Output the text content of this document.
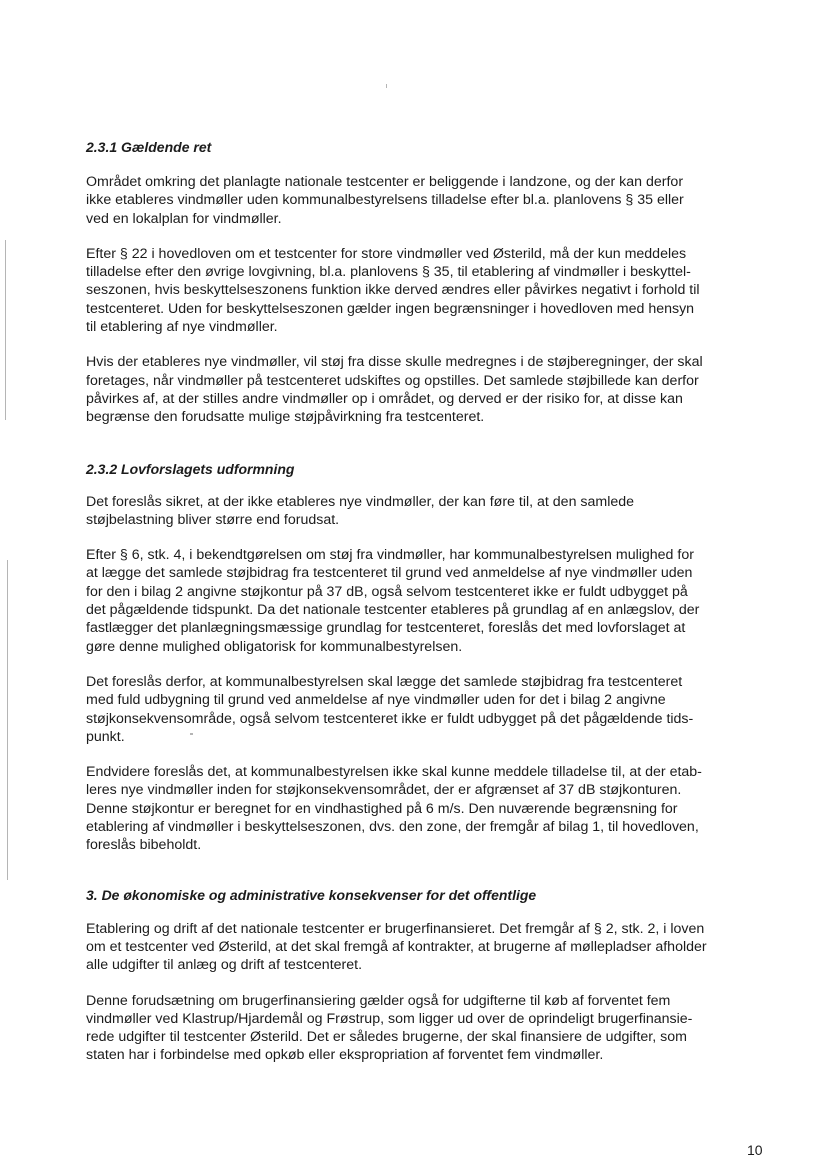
2.3.1 Gældende ret

Området omkring det planlagte nationale testcenter er beliggende i landzone, og der kan derfor
ikke etableres vindmøller uden kommunalbestyrelsens tilladelse efter bl.a. planlovens § 35 eller
ved en lokalplan for vindmøller.

Efter § 22 i hovedloven om et testcenter for store vindmøller ved Østerild, må der kun meddeles
tilladelse efter den øvrige lovgivning, bl.a. planlovens § 35, til etablering af vindmøller i beskyttel-
seszonen, hvis beskyttelseszonens funktion ikke derved ændres eller påvirkes negativt i forhold til
testcenteret. Uden for beskyttelseszonen gælder ingen begrænsninger i hovedloven med hensyn
til etablering af nye vindmøller.

Hvis der etableres nye vindmøller, vil støj fra disse skulle medregnes i de støjberegninger, der skal
foretages, når vindmøller på testcenteret udskiftes og opstilles. Det samlede støjbillede kan derfor
påvirkes af, at der stilles andre vindmøller op i området, og derved er der risiko for, at disse kan
begrænse den forudsatte mulige støjpåvirkning fra testcenteret.

2.3.2 Lovforslagets udformning

Det foreslås sikret, at der ikke etableres nye vindmøller, der kan føre til, at den samlede
støjbelastning bliver større end forudsat.

Efter § 6, stk. 4, i bekendtgørelsen om støj fra vindmøller, har kommunalbestyrelsen mulighed for
at lægge det samlede støjbidrag fra testcenteret til grund ved anmeldelse af nye vindmøller uden
for den i bilag 2 angivne støjkontur på 37 dB, også selvom testcenteret ikke er fuldt udbygget på
det pågældende tidspunkt. Da det nationale testcenter etableres på grundlag af en anlægslov, der
fastlægger det planlægningsmæssige grundlag for testcenteret, foreslås det med lovforslaget at
gøre denne mulighed obligatorisk for kommunalbestyrelsen.

Det foreslås derfor, at kommunalbestyrelsen skal lægge det samlede støjbidrag fra testcenteret
med fuld udbygning til grund ved anmeldelse af nye vindmøller uden for det i bilag 2 angivne
støjkonsekvensområde, også selvom testcenteret ikke er fuldt udbygget på det pågældende tids-
punkt.

Endvidere foreslås det, at kommunalbestyrelsen ikke skal kunne meddele tilladelse til, at der etab-
leres nye vindmøller inden for støjkonsekvensområdet, der er afgrænset af 37 dB støjkonturen.
Denne støjkontur er beregnet for en vindhastighed på 6 m/s. Den nuværende begrænsning for
etablering af vindmøller i beskyttelseszonen, dvs. den zone, der fremgår af bilag 1, til hovedloven,
foreslås bibeholdt.

3. De økonomiske og administrative konsekvenser for det offentlige

Etablering og drift af det nationale testcenter er brugerfinansieret. Det fremgår af § 2, stk. 2, i loven
om et testcenter ved Østerild, at det skal fremgå af kontrakter, at brugerne af møllepladser afholder
alle udgifter til anlæg og drift af testcenteret.

Denne forudsætning om brugerfinansiering gælder også for udgifterne til køb af forventet fem
vindmøller ved Klastrup/Hjardemål og Frøstrup, som ligger ud over de oprindeligt brugerfinansie-
rede udgifter til testcenter Østerild. Det er således brugerne, der skal finansiere de udgifter, som
staten har i forbindelse med opkøb eller ekspropriation af forventet fem vindmøller.

10
